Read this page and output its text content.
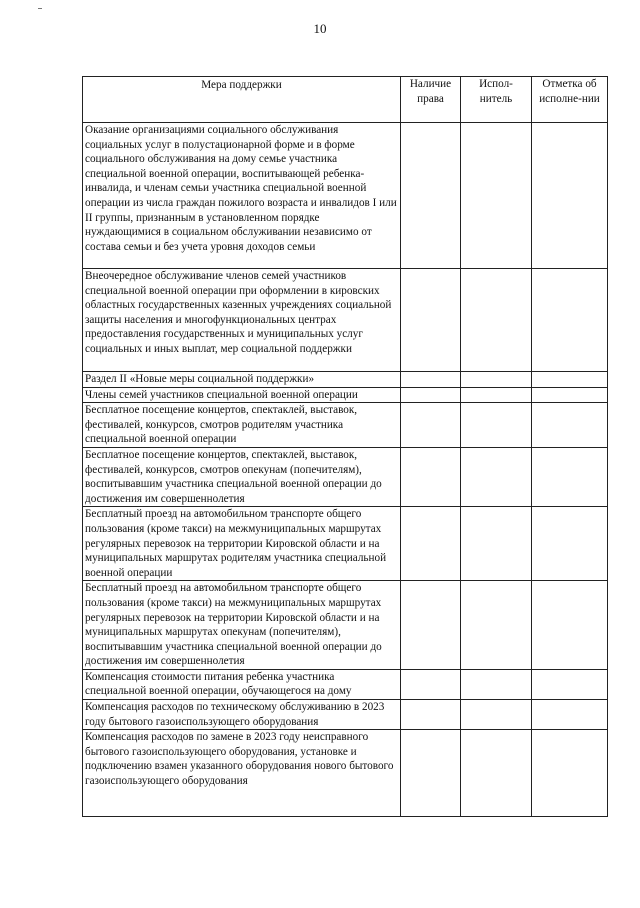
10
Мера поддержки	Наличие права	Испол-нитель	Отметка об исполне-нии
Оказание организациями социального обслуживания социальных услуг в полустационарной форме и в форме социального обслуживания на дому семье участника специальной военной операции, воспитывающей ребенка-инвалида, и членам семьи участника специальной военной операции из числа граждан пожилого возраста и инвалидов I или II группы, признанным в установленном порядке нуждающимися в социальном обслуживании независимо от состава семьи и без учета уровня доходов семьи			
Внеочередное обслуживание членов семей участников специальной военной операции при оформлении в кировских областных государственных казенных учреждениях социальной защиты населения и многофункциональных центрах предоставления государственных и муниципальных услуг социальных и иных выплат, мер социальной поддержки			
Раздел II «Новые меры социальной поддержки»			
Члены семей участников специальной военной операции			
Бесплатное посещение концертов, спектаклей, выставок, фестивалей, конкурсов, смотров родителям участника специальной военной операции			
Бесплатное посещение концертов, спектаклей, выставок, фестивалей, конкурсов, смотров опекунам (попечителям), воспитывавшим участника специальной военной операции до достижения им совершеннолетия			
Бесплатный проезд на автомобильном транспорте общего пользования (кроме такси) на межмуниципальных маршрутах регулярных перевозок на территории Кировской области и на муниципальных маршрутах родителям участника специальной военной операции			
Бесплатный проезд на автомобильном транспорте общего пользования (кроме такси) на межмуниципальных маршрутах регулярных перевозок на территории Кировской области и на муниципальных маршрутах опекунам (попечителям), воспитывавшим участника специальной военной операции до достижения им совершеннолетия			
Компенсация стоимости питания ребенка участника специальной военной операции, обучающегося на дому			
Компенсация расходов по техническому обслуживанию в 2023 году бытового газоиспользующего оборудования			
Компенсация расходов по замене в 2023 году неисправного бытового газоиспользующего оборудования, установке и подключению взамен указанного оборудования нового бытового газоиспользующего оборудования			
